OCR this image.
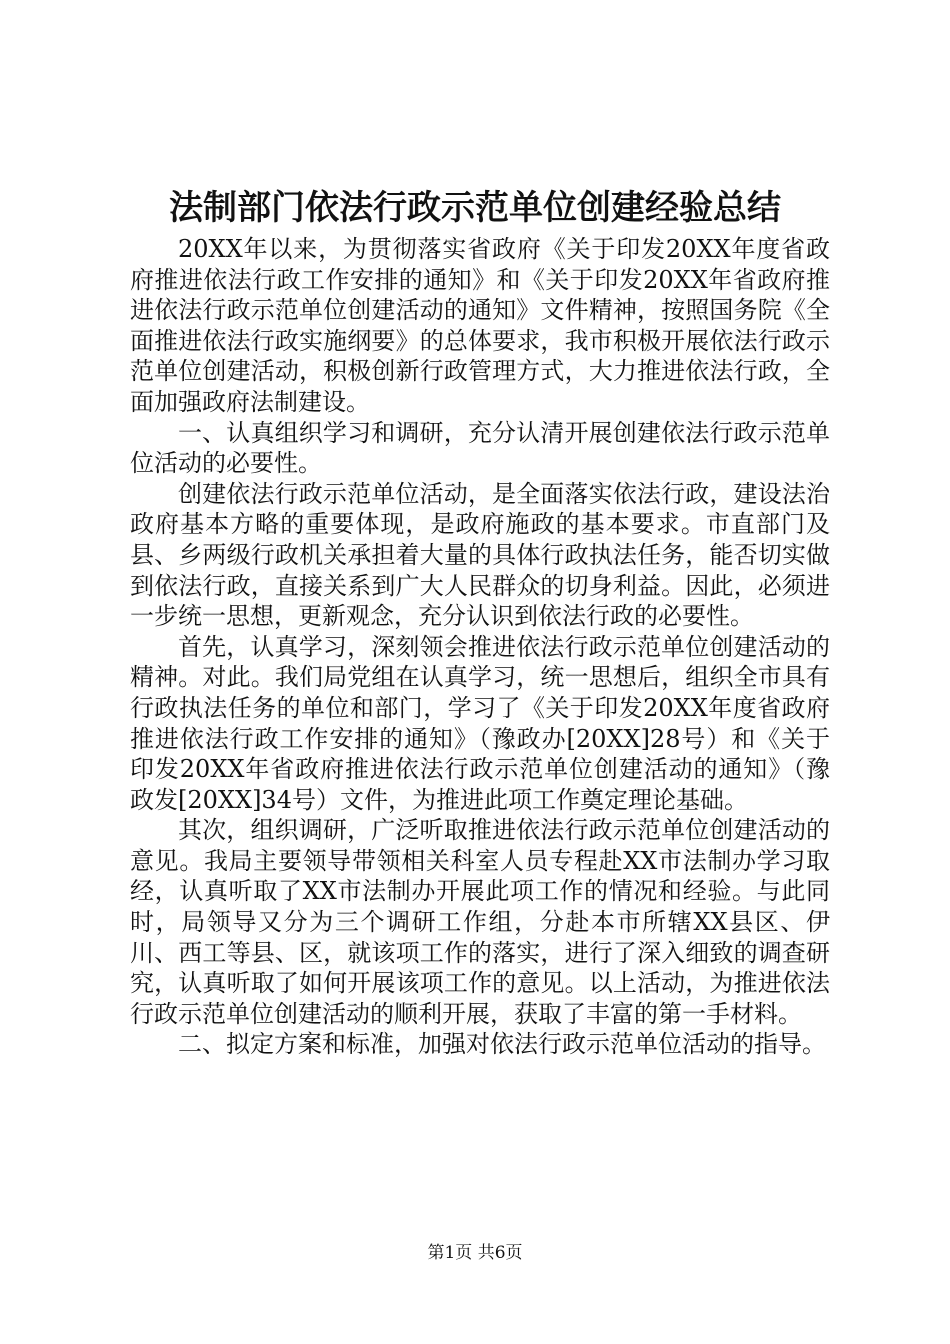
法制部门依法行政示范单位创建经验总结

20XX年以来，为贯彻落实省政府《关于印发20XX年度省政府推进依法行政工作安排的通知》和《关于印发20XX年省政府推进依法行政示范单位创建活动的通知》文件精神，按照国务院《全面推进依法行政实施纲要》的总体要求，我市积极开展依法行政示范单位创建活动，积极创新行政管理方式，大力推进依法行政，全面加强政府法制建设。

一、认真组织学习和调研，充分认清开展创建依法行政示范单位活动的必要性。

创建依法行政示范单位活动，是全面落实依法行政，建设法治政府基本方略的重要体现，是政府施政的基本要求。市直部门及县、乡两级行政机关承担着大量的具体行政执法任务，能否切实做到依法行政，直接关系到广大人民群众的切身利益。因此，必须进一步统一思想，更新观念，充分认识到依法行政的必要性。

首先，认真学习，深刻领会推进依法行政示范单位创建活动的精神。对此。我们局党组在认真学习，统一思想后，组织全市具有行政执法任务的单位和部门，学习了《关于印发20XX年度省政府推进依法行政工作安排的通知》（豫政办[20XX]28号）和《关于印发20XX年省政府推进依法行政示范单位创建活动的通知》（豫政发[20XX]34号）文件，为推进此项工作奠定理论基础。

其次，组织调研，广泛听取推进依法行政示范单位创建活动的意见。我局主要领导带领相关科室人员专程赴XX市法制办学习取经，认真听取了XX市法制办开展此项工作的情况和经验。与此同时，局领导又分为三个调研工作组，分赴本市所辖XX县区、伊川、西工等县、区，就该项工作的落实，进行了深入细致的调查研究，认真听取了如何开展该项工作的意见。以上活动，为推进依法行政示范单位创建活动的顺利开展，获取了丰富的第一手材料。

二、拟定方案和标准，加强对依法行政示范单位活动的指导。

第1页 共6页
